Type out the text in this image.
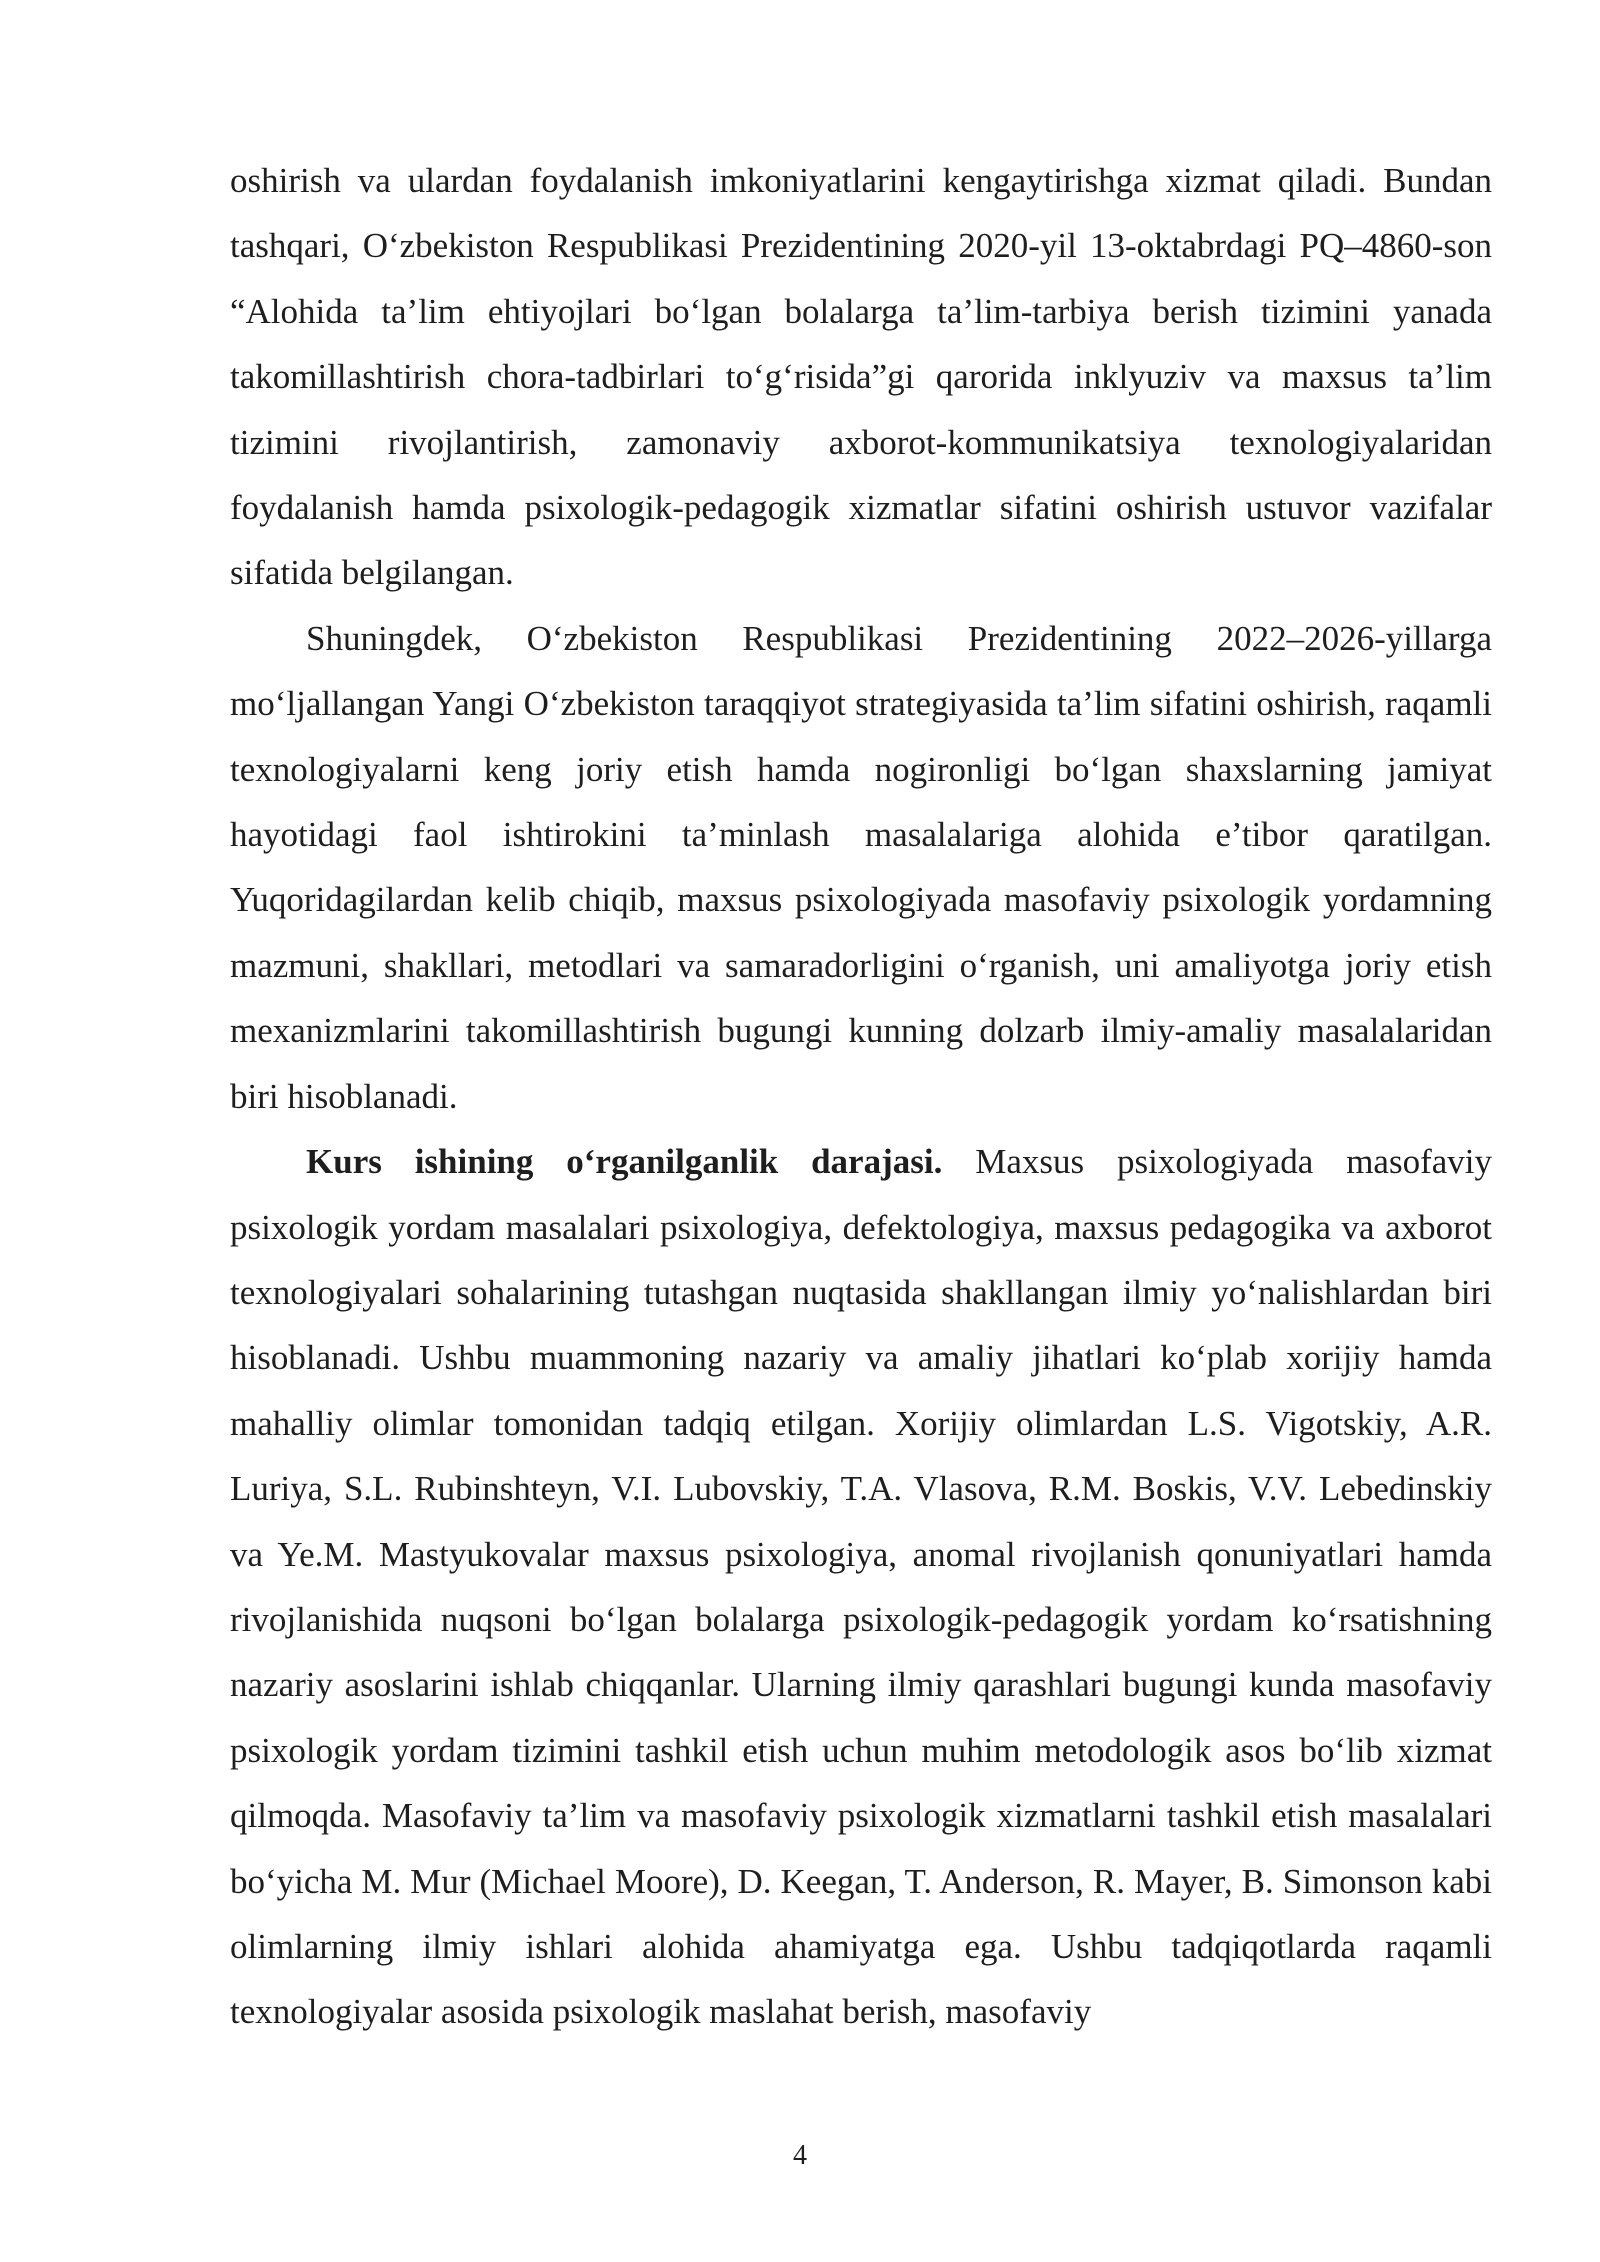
oshirish va ulardan foydalanish imkoniyatlarini kengaytirishga xizmat qiladi. Bundan tashqari, O‘zbekiston Respublikasi Prezidentining 2020-yil 13-oktabrdagi PQ–4860-son “Alohida ta’lim ehtiyojlari bo‘lgan bolalarga ta’lim-tarbiya berish tizimini yanada takomillashtirish chora-tadbirlari to‘g‘risida”gi qarorida inklyuziv va maxsus ta’lim tizimini rivojlantirish, zamonaviy axborot-kommunikatsiya texnologiyalaridan foydalanish hamda psixologik-pedagogik xizmatlar sifatini oshirish ustuvor vazifalar sifatida belgilangan.

Shuningdek, O‘zbekiston Respublikasi Prezidentining 2022–2026-yillarga mo‘ljallangan Yangi O‘zbekiston taraqqiyot strategiyasida ta’lim sifatini oshirish, raqamli texnologiyalarni keng joriy etish hamda nogironligi bo‘lgan shaxslarning jamiyat hayotidagi faol ishtirokini ta’minlash masalalariga alohida e’tibor qaratilgan. Yuqoridagilardan kelib chiqib, maxsus psixologiyada masofaviy psixologik yordamning mazmuni, shakllari, metodlari va samaradorligini o‘rganish, uni amaliyotga joriy etish mexanizmlarini takomillashtirish bugungi kunning dolzarb ilmiy-amaliy masalalaridan biri hisoblanadi.

Kurs ishining o‘rganilganlik darajasi. Maxsus psixologiyada masofaviy psixologik yordam masalalari psixologiya, defektologiya, maxsus pedagogika va axborot texnologiyalari sohalarining tutashgan nuqtasida shakllangan ilmiy yo‘nalishlardan biri hisoblanadi. Ushbu muammoning nazariy va amaliy jihatlari ko‘plab xorijiy hamda mahalliy olimlar tomonidan tadqiq etilgan. Xorijiy olimlardan L.S. Vigotskiy, A.R. Luriya, S.L. Rubinshteyn, V.I. Lubovskiy, T.A. Vlasova, R.M. Boskis, V.V. Lebedinskiy va Ye.M. Mastyukovalar maxsus psixologiya, anomal rivojlanish qonuniyatlari hamda rivojlanishida nuqsoni bo‘lgan bolalarga psixologik-pedagogik yordam ko‘rsatishning nazariy asoslarini ishlab chiqqanlar. Ularning ilmiy qarashlari bugungi kunda masofaviy psixologik yordam tizimini tashkil etish uchun muhim metodologik asos bo‘lib xizmat qilmoqda. Masofaviy ta’lim va masofaviy psixologik xizmatlarni tashkil etish masalalari bo‘yicha M. Mur (Michael Moore), D. Keegan, T. Anderson, R. Mayer, B. Simonson kabi olimlarning ilmiy ishlari alohida ahamiyatga ega. Ushbu tadqiqotlarda raqamli texnologiyalar asosida psixologik maslahat berish, masofaviy

4
